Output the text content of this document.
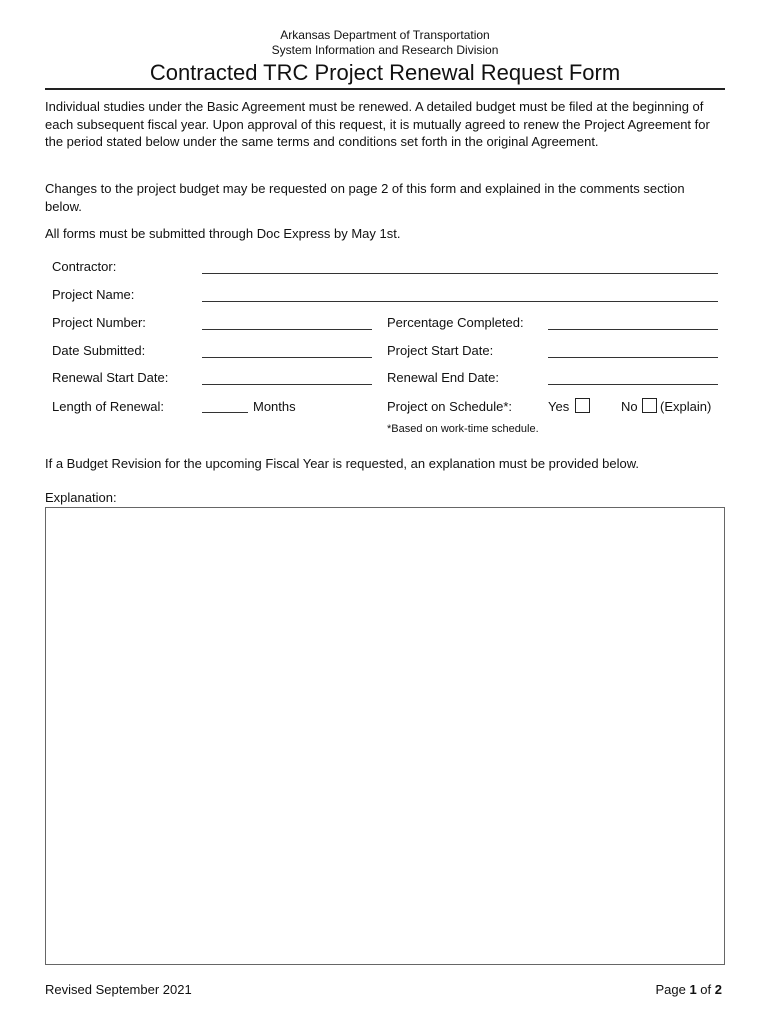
Arkansas Department of Transportation
System Information and Research Division
Contracted TRC Project Renewal Request Form

Individual studies under the Basic Agreement must be renewed. A detailed budget must be filed at the beginning of each subsequent fiscal year. Upon approval of this request, it is mutually agreed to renew the Project Agreement for the period stated below under the same terms and conditions set forth in the original Agreement.

Changes to the project budget may be requested on page 2 of this form and explained in the comments section below.

All forms must be submitted through Doc Express by May 1st.

Contractor:
Project Name:
Project Number:	Percentage Completed:
Date Submitted:	Project Start Date:
Renewal Start Date:	Renewal End Date:
Length of Renewal:	Months	Project on Schedule*:	Yes	No (Explain)
*Based on work-time schedule.

If a Budget Revision for the upcoming Fiscal Year is requested, an explanation must be provided below.

Explanation:
Revised September 2021	Page 1 of 2
